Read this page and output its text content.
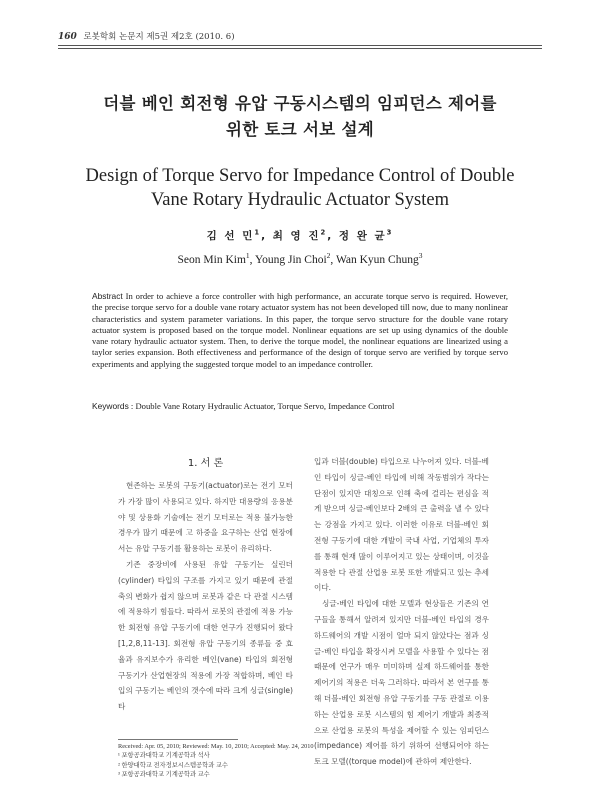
160 로봇학회 논문지 제5권 제2호 (2010. 6)
더블 베인 회전형 유압 구동시스템의 임피던스 제어를
위한 토크 서보 설계
Design of Torque Servo for Impedance Control of Double
Vane Rotary Hydraulic Actuator System
김 선 민$^1$, 최 영 진$^2$, 정 완 균$^3$
Seon Min Kim$^1$, Young Jin Choi$^2$, Wan Kyun Chung$^3$
Abstract In order to achieve a force controller with high performance, an accurate torque servo is required. However, the precise torque servo for a double vane rotary actuator system has not been developed till now, due to many nonlinear characteristics and system parameter variations. In this paper, the torque servo structure for the double vane rotary actuator system is proposed based on the torque model. Nonlinear equations are set up using dynamics of the double vane rotary hydraulic actuator system. Then, to derive the torque model, the nonlinear equations are linearized using a taylor series expansion. Both effectiveness and performance of the design of torque servo are verified by torque servo experiments and applying the suggested torque model to an impedance controller.
Keywords : Double Vane Rotary Hydraulic Actuator, Torque Servo, Impedance Control
1. 서 론

현존하는 로봇의 구동기(actuator)로는 전기 모터가 가장 많이 사용되고 있다. 하지만 대용량의 응용분야 및 상용화 기술에는 전기 모터로는 적용 불가능한 경우가 많기 때문에 고 하중을 요구하는 산업 현장에서는 유압 구동기를 활용하는 로봇이 유리하다.

기존 중장비에 사용된 유압 구동기는 실린더(cylinder) 타입의 구조를 가지고 있기 때문에 관절 축의 변화가 쉽지 않으며 로봇과 같은 다 관절 시스템에 적용하기 힘들다. 따라서 로봇의 관절에 적용 가능한 회전형 유압 구동기에 대한 연구가 진행되어 왔다[1,2,8,11-13]. 회전형 유압 구동기의 종류들 중 효율과 유지보수가 유리한 베인(vane) 타입의 회전형 구동기가 산업현장의 적용에 가장 적합하며, 베인 타입의 구동기는 베인의 갯수에 따라 크게 싱글(single) 타

입과 더블(double) 타입으로 나누어져 있다. 더블-베인 타입이 싱글-베인 타입에 비해 작동범위가 작다는 단점이 있지만 대칭으로 인해 축에 걸리는 편심을 적게 받으며 싱글-베인보다 2배의 큰 출력을 낼 수 있다는 강점을 가지고 있다. 이러한 이유로 더블-베인 회전형 구동기에 대한 개발이 국내 사업, 기업체의 투자를 통해 현재 많이 이루어지고 있는 상태이며, 이것을 적용한 다 관절 산업용 로봇 또한 개발되고 있는 추세이다.

싱글-베인 타입에 대한 모델과 현상들은 기존의 연구들을 통해서 알려져 있지만 더블-베인 타입의 경우 하드웨어의 개발 시점이 얼마 되지 않았다는 점과 싱글-베인 타입을 확장시켜 모델을 사용할 수 있다는 점 때문에 연구가 매우 미미하며 실제 하드웨어를 통한 제어기의 적용은 더욱 그러하다. 따라서 본 연구를 통해 더블-베인 회전형 유압 구동기를 구동 관절로 이용하는 산업용 로봇 시스템의 힘 제어기 개발과 최종적으로 산업용 로봇의 특성을 제어할 수 있는 임피던스(impedance) 제어를 하기 위하여 선행되어야 하는 토크 모델((torque model)에 관하여 제안한다.

Received: Apr. 05, 2010; Reviewed: May. 10, 2010; Accepted: May. 24, 2010
¹ 포항공과대학교 기계공학과 석사
² 한양대학교 전자정보시스템공학과 교수
³ 포항공과대학교 기계공학과 교수
